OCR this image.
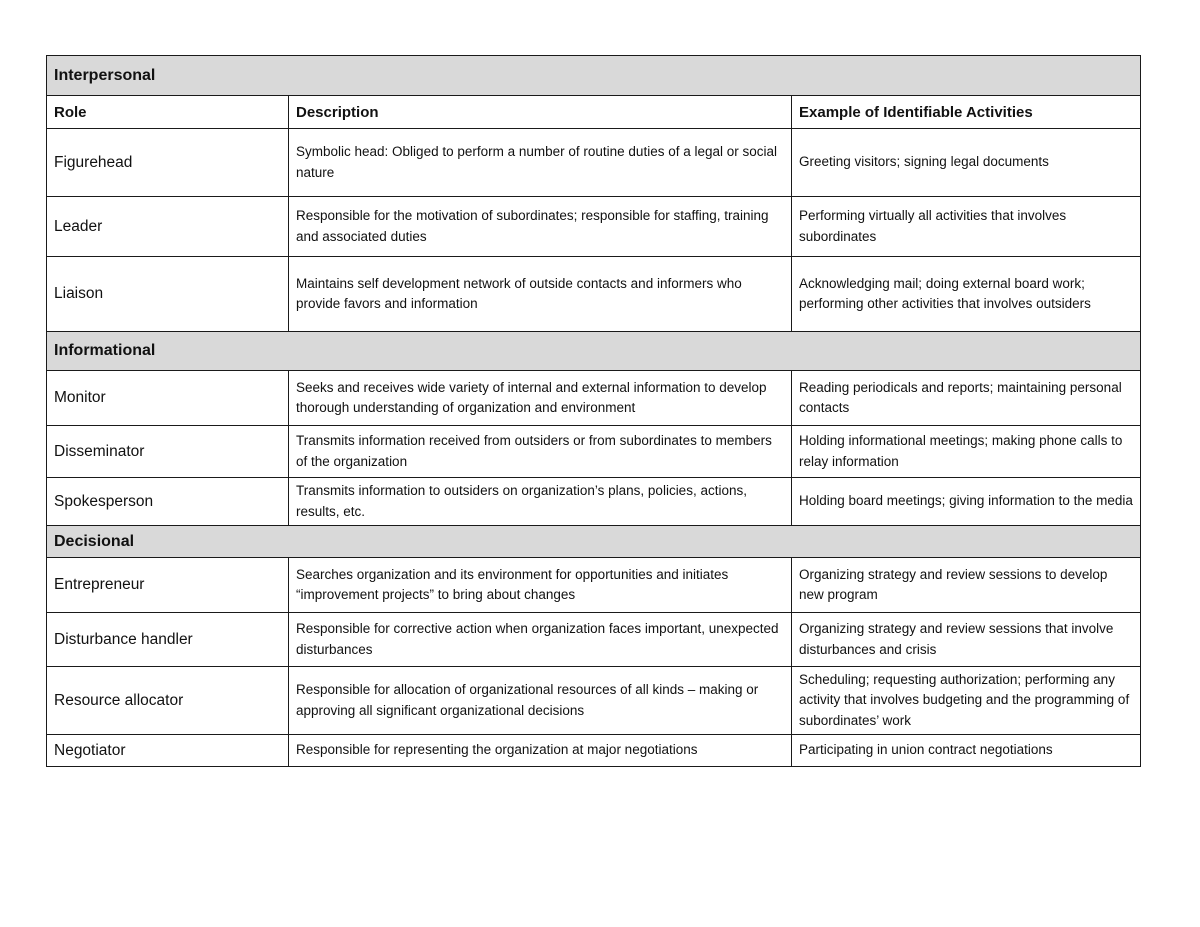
Interpersonal		
Role	Description	Example of Identifiable Activities
Figurehead	Symbolic head: Obliged to perform a number of routine duties of a legal or social nature	Greeting visitors; signing legal documents
Leader	Responsible for the motivation of subordinates; responsible for staffing, training and associated duties	Performing virtually all activities that involves subordinates
Liaison	Maintains self development network of outside contacts and informers who provide favors and information	Acknowledging mail; doing external board work; performing other activities that involves outsiders
Informational		
Monitor	Seeks and receives wide variety of internal and external information to develop thorough understanding of organization and environment	Reading periodicals and reports; maintaining personal contacts
Disseminator	Transmits information received from outsiders or from subordinates to members of the organization	Holding informational meetings; making phone calls to relay information
Spokesperson	Transmits information to outsiders on organization’s plans, policies, actions, results, etc.	Holding board meetings; giving information to the media
Decisional		
Entrepreneur	Searches organization and its environment for opportunities and initiates “improvement projects” to bring about changes	Organizing strategy and review sessions to develop new program
Disturbance handler	Responsible for corrective action when organization faces important, unexpected disturbances	Organizing strategy and review sessions that involve disturbances and crisis
Resource allocator	Responsible for allocation of organizational resources of all kinds – making or approving all significant organizational decisions	Scheduling; requesting authorization; performing any activity that involves budgeting and the programming of subordinates’ work
Negotiator	Responsible for representing the organization at major negotiations	Participating in union contract negotiations
